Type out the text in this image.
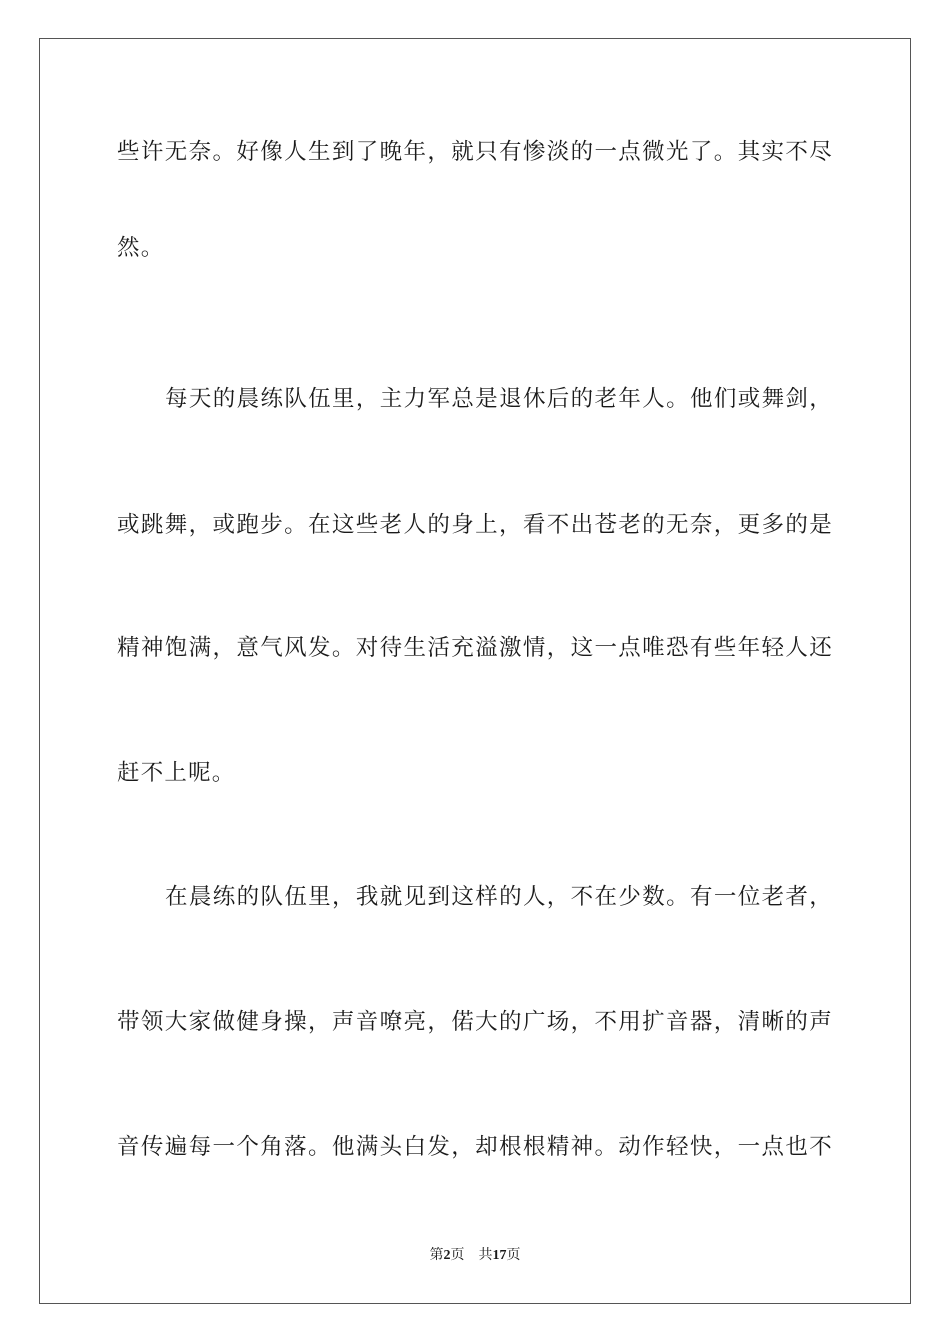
些许无奈。好像人生到了晚年，就只有惨淡的一点微光了。其实不尽
然。
每天的晨练队伍里，主力军总是退休后的老年人。他们或舞剑，
或跳舞，或跑步。在这些老人的身上，看不出苍老的无奈，更多的是
精神饱满，意气风发。对待生活充溢激情，这一点唯恐有些年轻人还
赶不上呢。
在晨练的队伍里，我就见到这样的人，不在少数。有一位老者，
带领大家做健身操，声音嘹亮，偌大的广场，不用扩音器，清晰的声
音传遍每一个角落。他满头白发，却根根精神。动作轻快，一点也不
第2页 共17页
